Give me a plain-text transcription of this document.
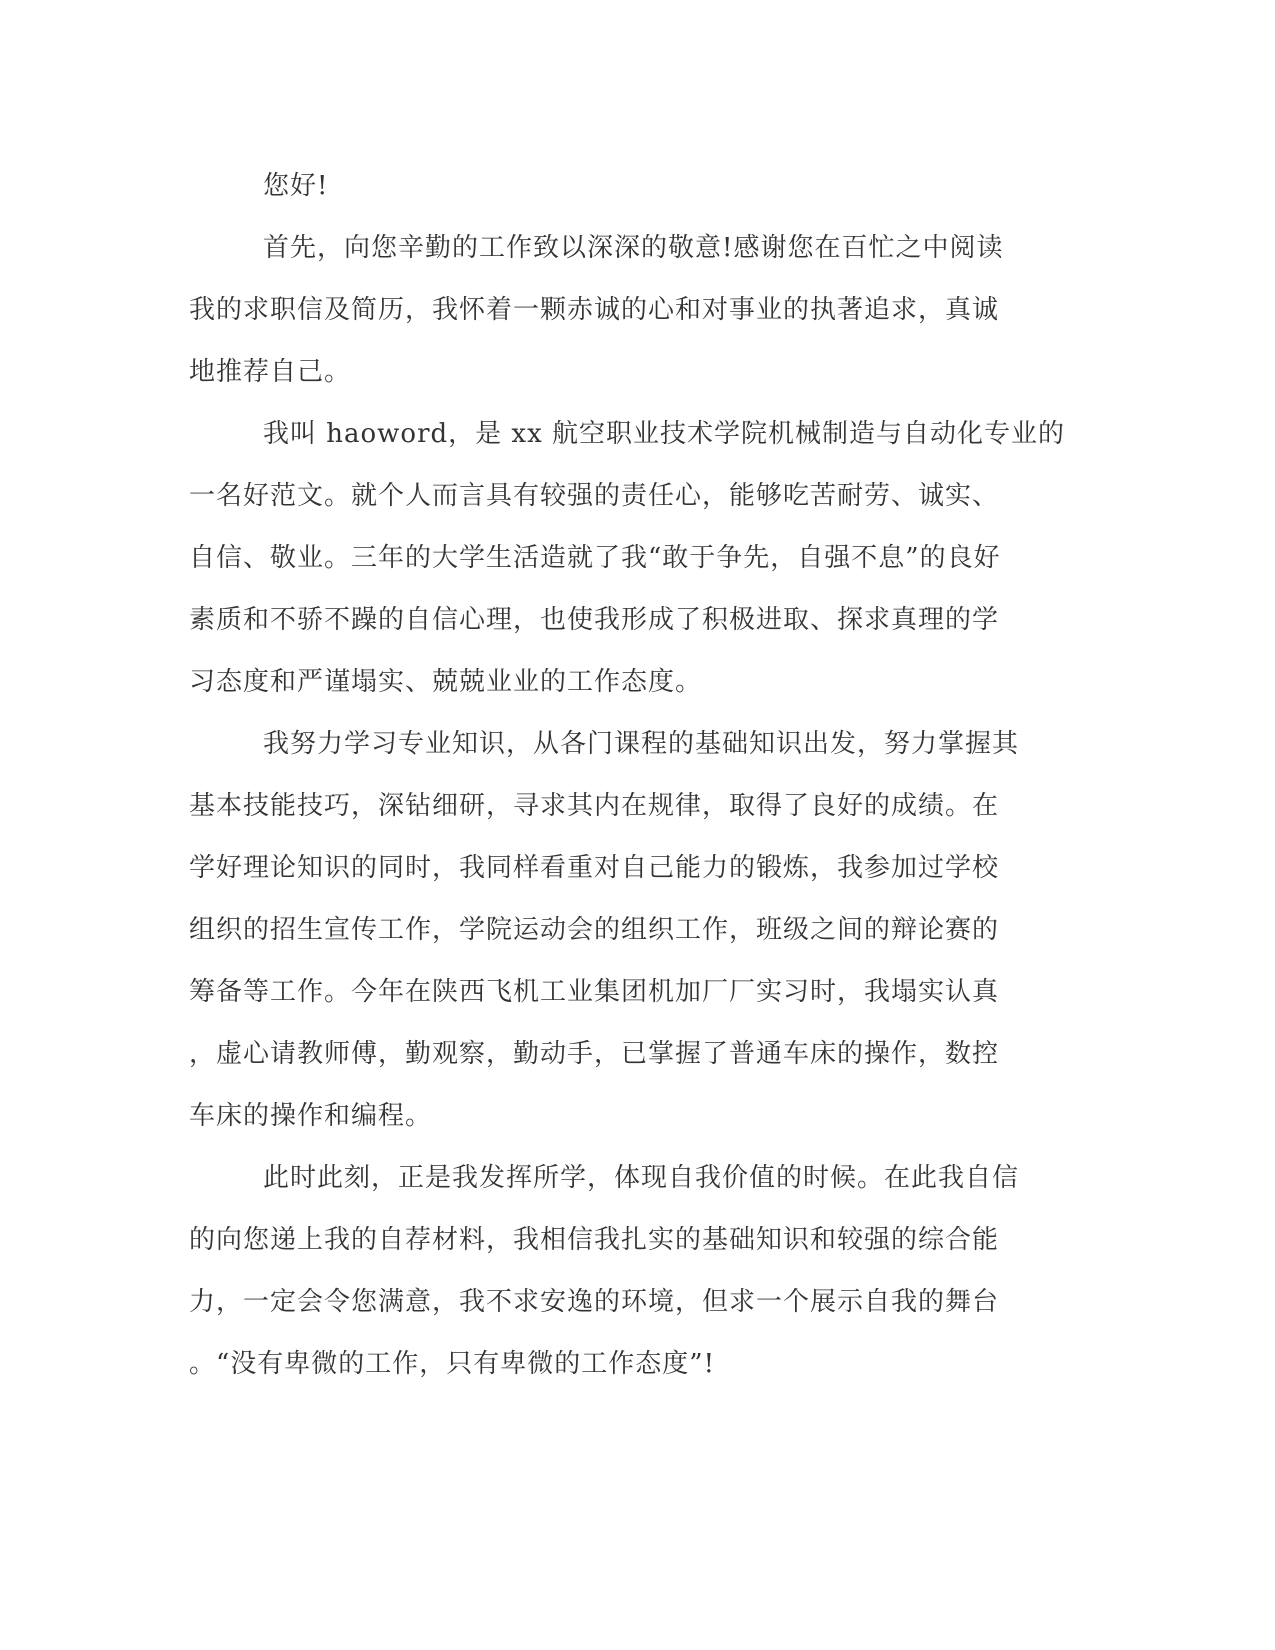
您好!
首先，向您辛勤的工作致以深深的敬意!感谢您在百忙之中阅读
我的求职信及简历，我怀着一颗赤诚的心和对事业的执著追求，真诚
地推荐自己。
我叫 haoword，是 xx 航空职业技术学院机械制造与自动化专业的
一名好范文。就个人而言具有较强的责任心，能够吃苦耐劳、诚实、
自信、敬业。三年的大学生活造就了我“敢于争先，自强不息”的良好
素质和不骄不躁的自信心理，也使我形成了积极进取、探求真理的学
习态度和严谨塌实、兢兢业业的工作态度。
我努力学习专业知识，从各门课程的基础知识出发，努力掌握其
基本技能技巧，深钻细研，寻求其内在规律，取得了良好的成绩。在
学好理论知识的同时，我同样看重对自己能力的锻炼，我参加过学校
组织的招生宣传工作，学院运动会的组织工作，班级之间的辩论赛的
筹备等工作。今年在陕西飞机工业集团机加厂厂实习时，我塌实认真
，虚心请教师傅，勤观察，勤动手，已掌握了普通车床的操作，数控
车床的操作和编程。
此时此刻，正是我发挥所学，体现自我价值的时候。在此我自信
的向您递上我的自荐材料，我相信我扎实的基础知识和较强的综合能
力，一定会令您满意，我不求安逸的环境，但求一个展示自我的舞台
。“没有卑微的工作，只有卑微的工作态度”!
